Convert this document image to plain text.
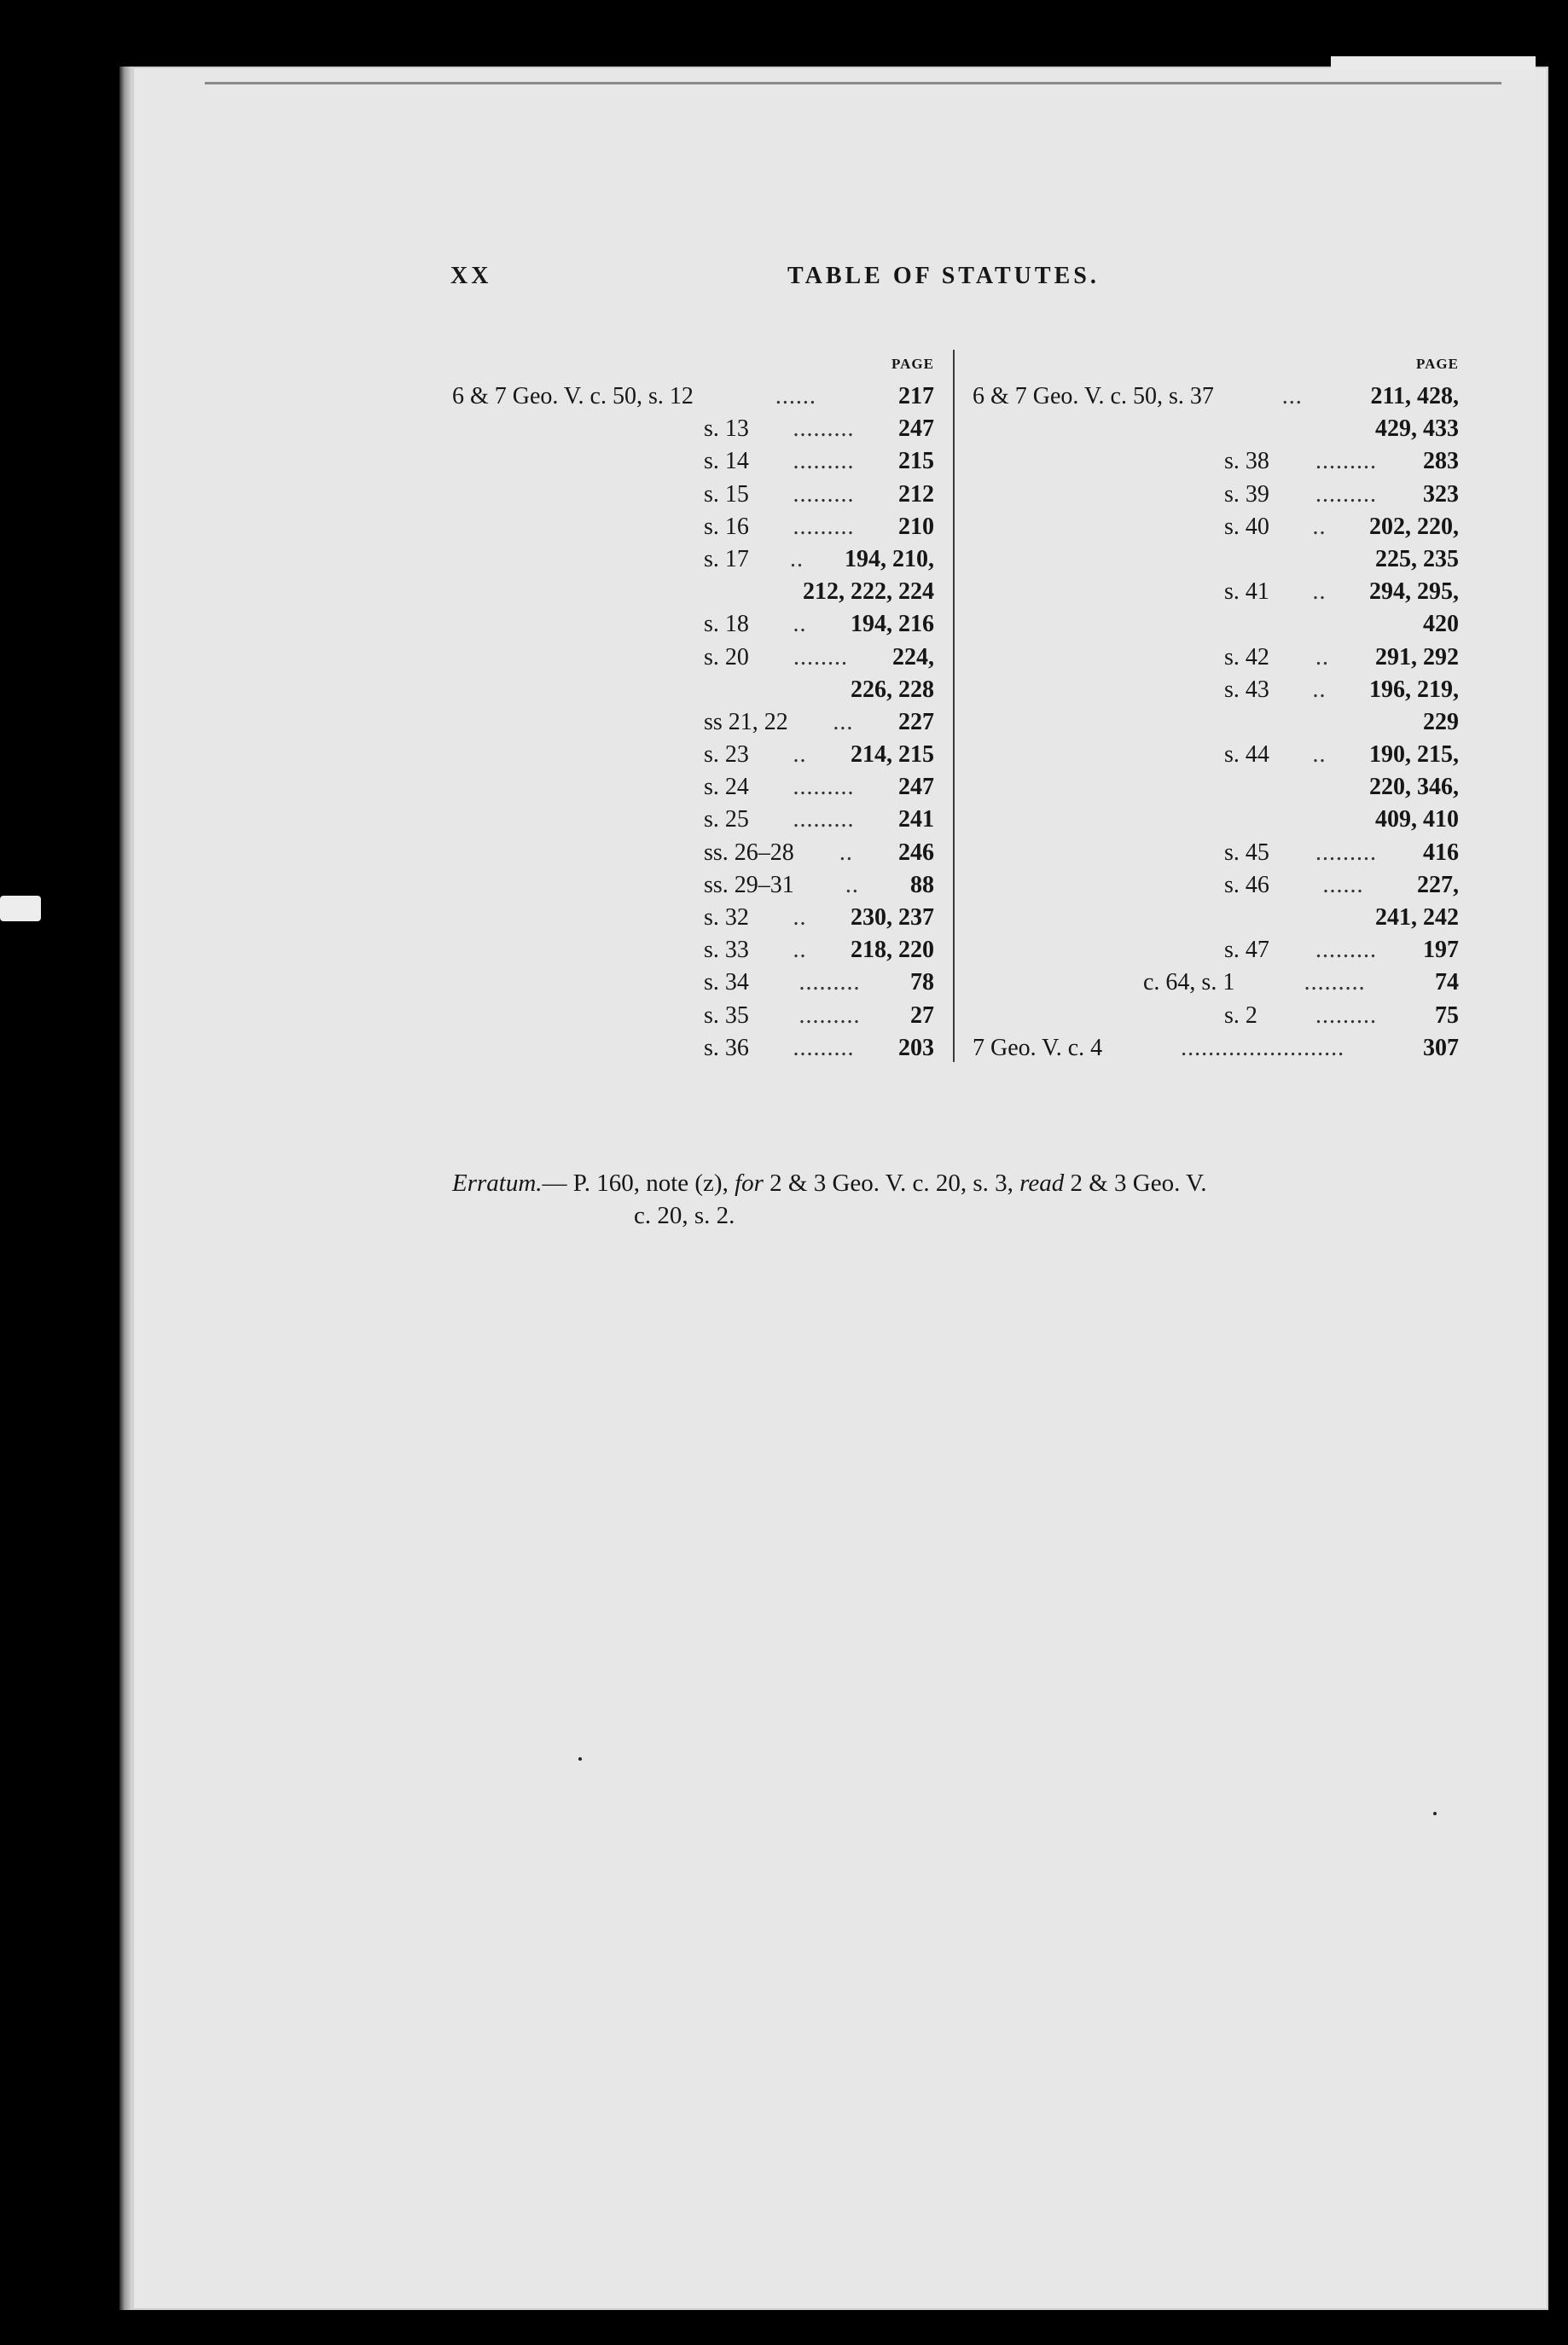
XX	TABLE OF STATUTES.
PAGE
6 & 7 Geo. V. c. 50, s. 12	......	217
s. 13	.........	247
s. 14	.........	215
s. 15	.........	212
s. 16	.........	210
s. 17	..	194, 210,
212, 222, 224
s. 18	..	194, 216
s. 20	........	224,
226, 228
ss 21, 22	...	227
s. 23	..	214, 215
s. 24	.........	247
s. 25	.........	241
ss. 26–28	..	246
ss. 29–31	..	88
s. 32	..	230, 237
s. 33	..	218, 220
s. 34	.........	78
s. 35	.........	27
s. 36	.........	203
PAGE
6 & 7 Geo. V. c. 50, s. 37	...	211, 428,
429, 433
s. 38	.........	283
s. 39	.........	323
s. 40	..	202, 220,
225, 235
s. 41	..	294, 295,
420
s. 42	..	291, 292
s. 43	..	196, 219,
229
s. 44	..	190, 215,
220, 346,
409, 410
s. 45	.........	416
s. 46	......	227,
241, 242
s. 47	.........	197
c. 64, s. 1	.........	74
s. 2	.........	75
7 Geo. V. c. 4	........................	307
Erratum.— P. 160, note (z), for 2 & 3 Geo. V. c. 20, s. 3, read 2 & 3 Geo. V.
c. 20, s. 2.
